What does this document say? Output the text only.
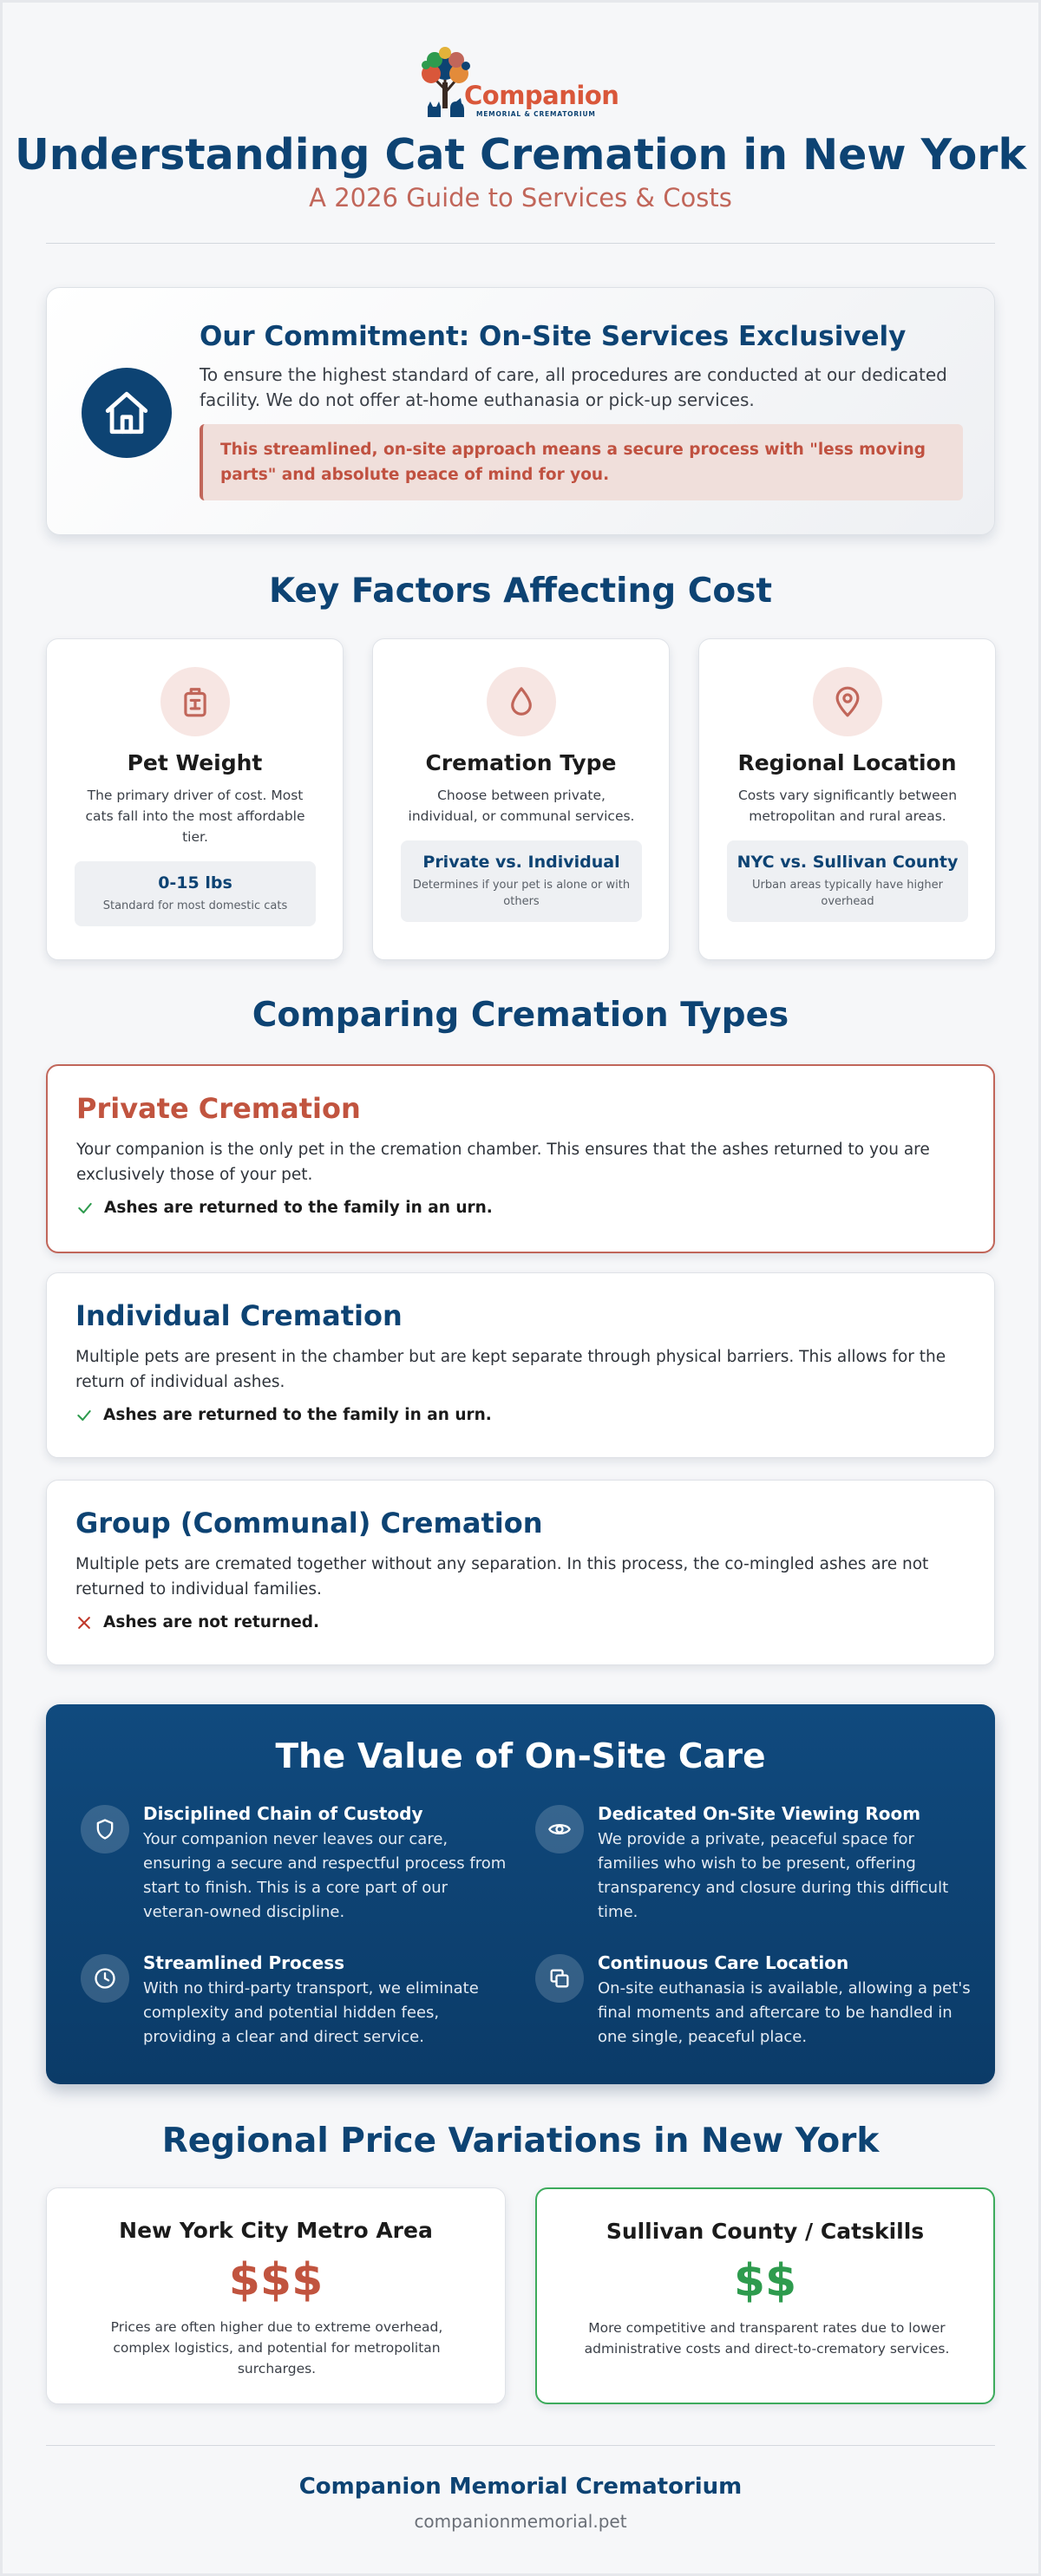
Companion
MEMORIAL & CREMATORIUM
Understanding Cat Cremation in New York
A 2026 Guide to Services & Costs
Our Commitment: On-Site Services Exclusively
To ensure the highest standard of care, all procedures are conducted at our dedicated facility. We do not offer at-home euthanasia or pick-up services.
This streamlined, on-site approach means a secure process with "less moving parts" and absolute peace of mind for you.
Key Factors Affecting Cost
Pet Weight
The primary driver of cost. Most cats fall into the most affordable tier.
0-15 lbs
Standard for most domestic cats
Cremation Type
Choose between private, individual, or communal services.
Private vs. Individual
Determines if your pet is alone or with others
Regional Location
Costs vary significantly between metropolitan and rural areas.
NYC vs. Sullivan County
Urban areas typically have higher overhead
Comparing Cremation Types
Private Cremation
Your companion is the only pet in the cremation chamber. This ensures that the ashes returned to you are exclusively those of your pet.
Ashes are returned to the family in an urn.
Individual Cremation
Multiple pets are present in the chamber but are kept separate through physical barriers. This allows for the return of individual ashes.
Ashes are returned to the family in an urn.
Group (Communal) Cremation
Multiple pets are cremated together without any separation. In this process, the co-mingled ashes are not returned to individual families.
Ashes are not returned.
The Value of On-Site Care
Disciplined Chain of Custody
Your companion never leaves our care, ensuring a secure and respectful process from start to finish. This is a core part of our veteran-owned discipline.
Dedicated On-Site Viewing Room
We provide a private, peaceful space for families who wish to be present, offering transparency and closure during this difficult time.
Streamlined Process
With no third-party transport, we eliminate complexity and potential hidden fees, providing a clear and direct service.
Continuous Care Location
On-site euthanasia is available, allowing a pet's final moments and aftercare to be handled in one single, peaceful place.
Regional Price Variations in New York
New York City Metro Area
$$$
Prices are often higher due to extreme overhead, complex logistics, and potential for metropolitan surcharges.
Sullivan County / Catskills
$$
More competitive and transparent rates due to lower administrative costs and direct-to-crematory services.
Companion Memorial Crematorium
companionmemorial.pet
